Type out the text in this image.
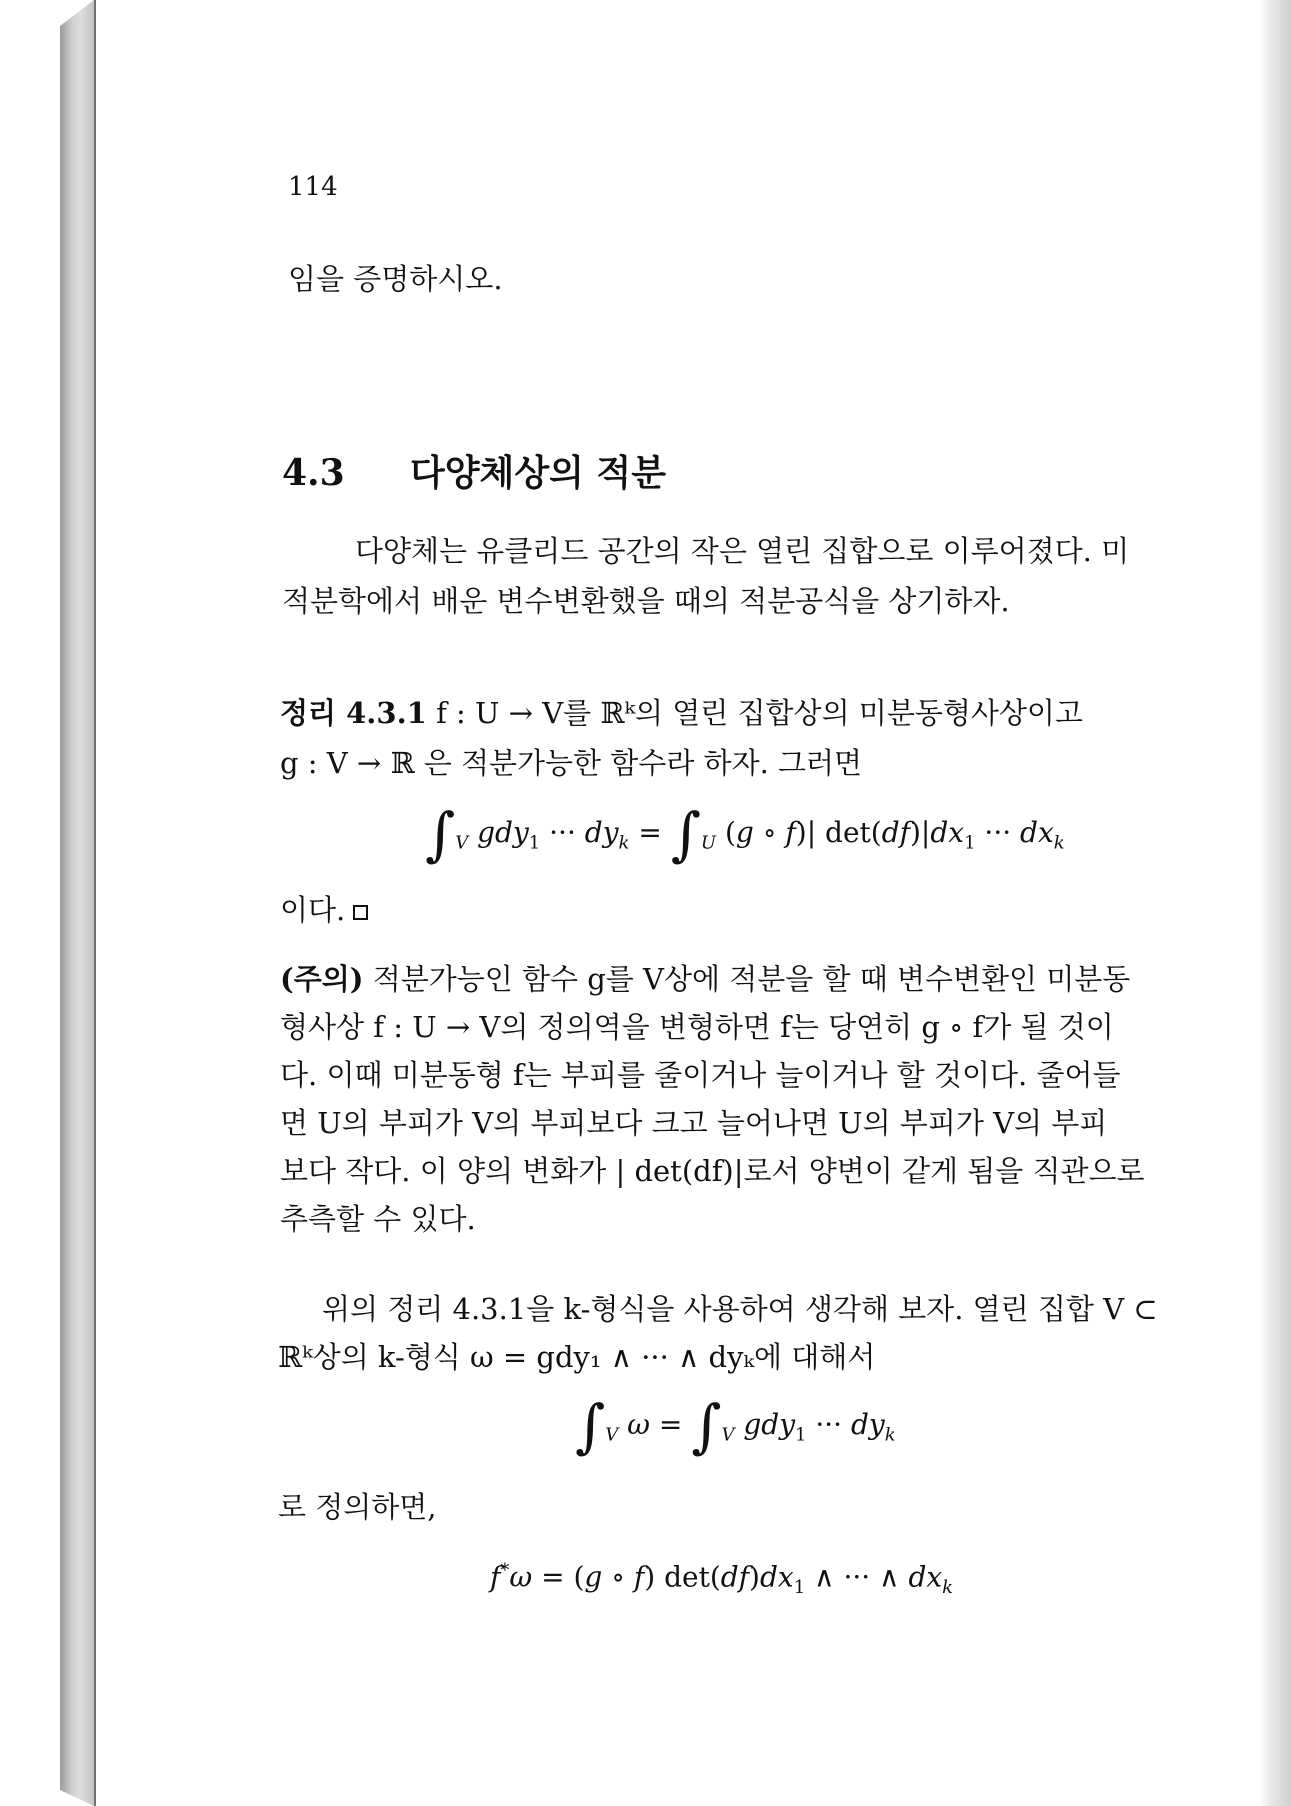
114
임을 증명하시오.
4.3 다양체상의 적분
다양체는 유클리드 공간의 작은 열린 집합으로 이루어졌다. 미
적분학에서 배운 변수변환했을 때의 적분공식을 상기하자.
정리 4.3.1 f : U → V를 ℝᵏ의 열린 집합상의 미분동형사상이고
g : V → ℝ 은 적분가능한 함수라 하자. 그러면
$\int_V$ gdy$_1$ ··· $dy_k = \int_U$ (g ∘ f)| $\det(df)|dx_1$ ··· $dx_k$
이다.
(주의) 적분가능인 함수 g를 V상에 적분을 할 때 변수변환인 미분동
형사상 f : U → V의 정의역을 변형하면 f는 당연히 g ∘ f가 될 것이
다. 이때 미분동형 f는 부피를 줄이거나 늘이거나 할 것이다. 줄어들
면 U의 부피가 V의 부피보다 크고 늘어나면 U의 부피가 V의 부피
보다 작다. 이 양의 변화가 | det(df)|로서 양변이 같게 됨을 직관으로
추측할 수 있다.
위의 정리 4.3.1을 k-형식을 사용하여 생각해 보자. 열린 집합 V ⊂
ℝᵏ상의 k-형식 ω = gdy₁ ∧ ··· ∧ dyₖ에 대해서
$\int_V$ $\omega = \int_V$ gdy$_1$ ··· $dy_k$
로 정의하면,
f*ω = (g ∘ f) $\det(df)dx_1$ ∧ ··· ∧ $dx_k$
